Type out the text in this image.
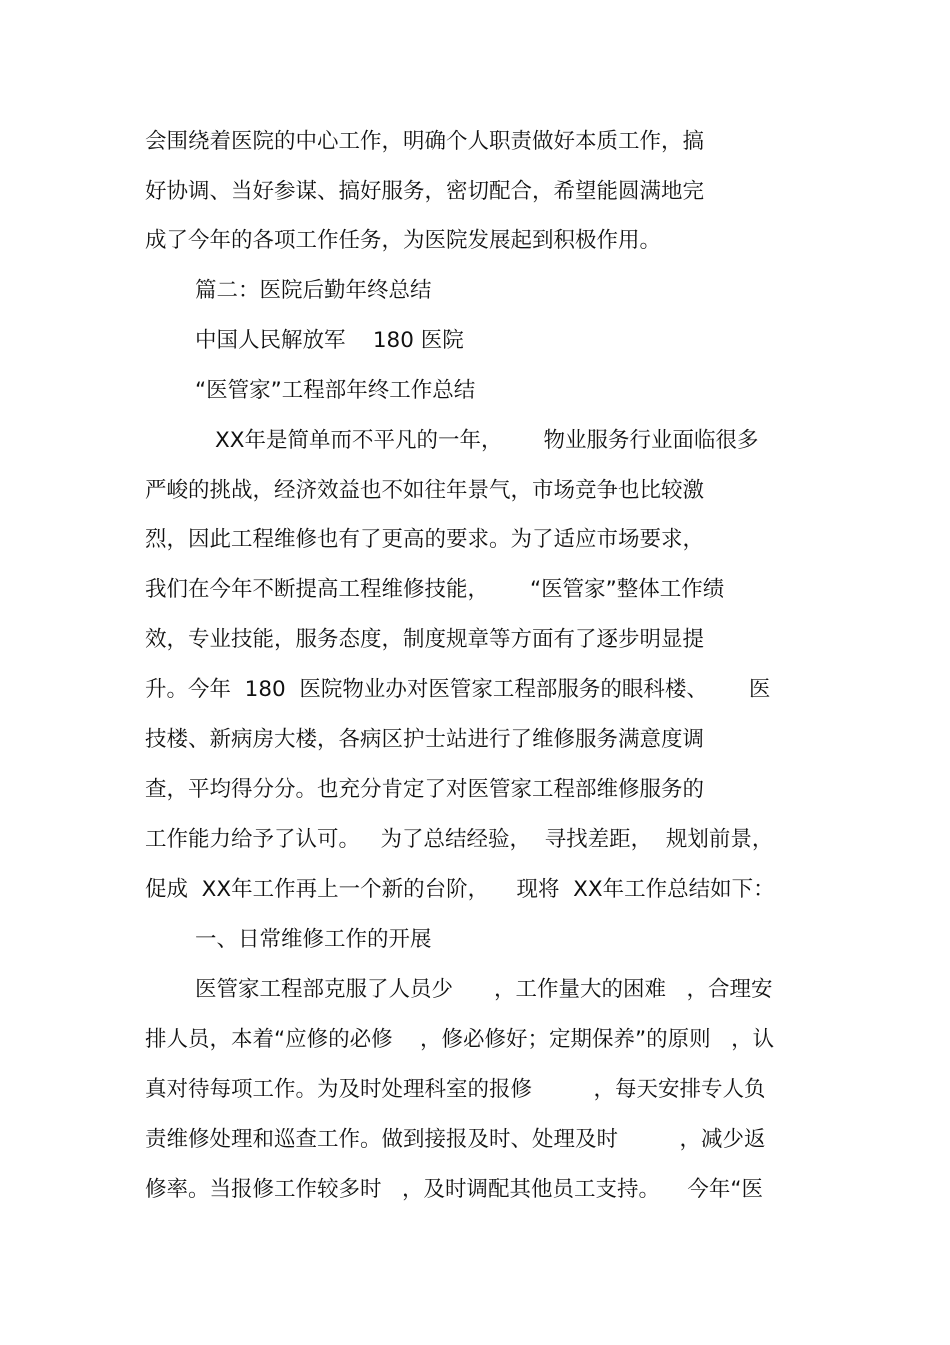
会围绕着医院的中心工作，明确个人职责做好本质工作，搞
好协调、当好参谋、搞好服务，密切配合，希望能圆满地完
成了今年的各项工作任务，为医院发展起到积极作用。
篇二：医院后勤年终总结
中国人民解放军    180 医院
“医管家”工程部年终工作总结
XX年是简单而不平凡的一年，      物业服务行业面临很多
严峻的挑战，经济效益也不如往年景气，市场竞争也比较激
烈，因此工程维修也有了更高的要求。为了适应市场要求，
我们在今年不断提高工程维修技能，      “医管家”整体工作绩
效，专业技能，服务态度，制度规章等方面有了逐步明显提
升。今年  180  医院物业办对医管家工程部服务的眼科楼、      医
技楼、新病房大楼，各病区护士站进行了维修服务满意度调
查，平均得分分。也充分肯定了对医管家工程部维修服务的
工作能力给予了认可。   为了总结经验，  寻找差距，  规划前景，
促成  XX年工作再上一个新的台阶，    现将  XX年工作总结如下：
一、日常维修工作的开展
医管家工程部克服了人员少      ，工作量大的困难   ，合理安
排人员，本着“应修的必修    ，修必修好；定期保养”的原则   ，认
真对待每项工作。为及时处理科室的报修         ，每天安排专人负
责维修处理和巡查工作。做到接报及时、处理及时         ，减少返
修率。当报修工作较多时   ，及时调配其他员工支持。    今年“医
